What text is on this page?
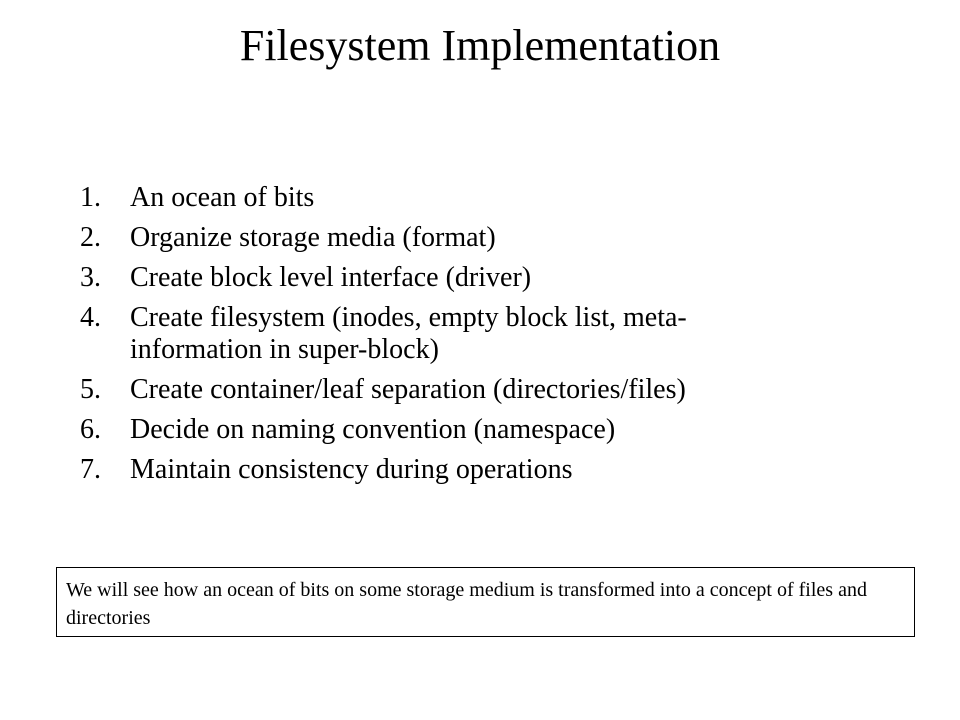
Filesystem Implementation
1.	An ocean of bits
2.	Organize storage media (format)
3.	Create block level interface (driver)
4.	Create filesystem (inodes, empty block list, meta-information in super-block)
5.	Create container/leaf separation (directories/files)
6.	Decide on naming convention (namespace)
7.	Maintain consistency during operations
We will see how an ocean of bits on some storage medium is transformed into a concept of files and directories
